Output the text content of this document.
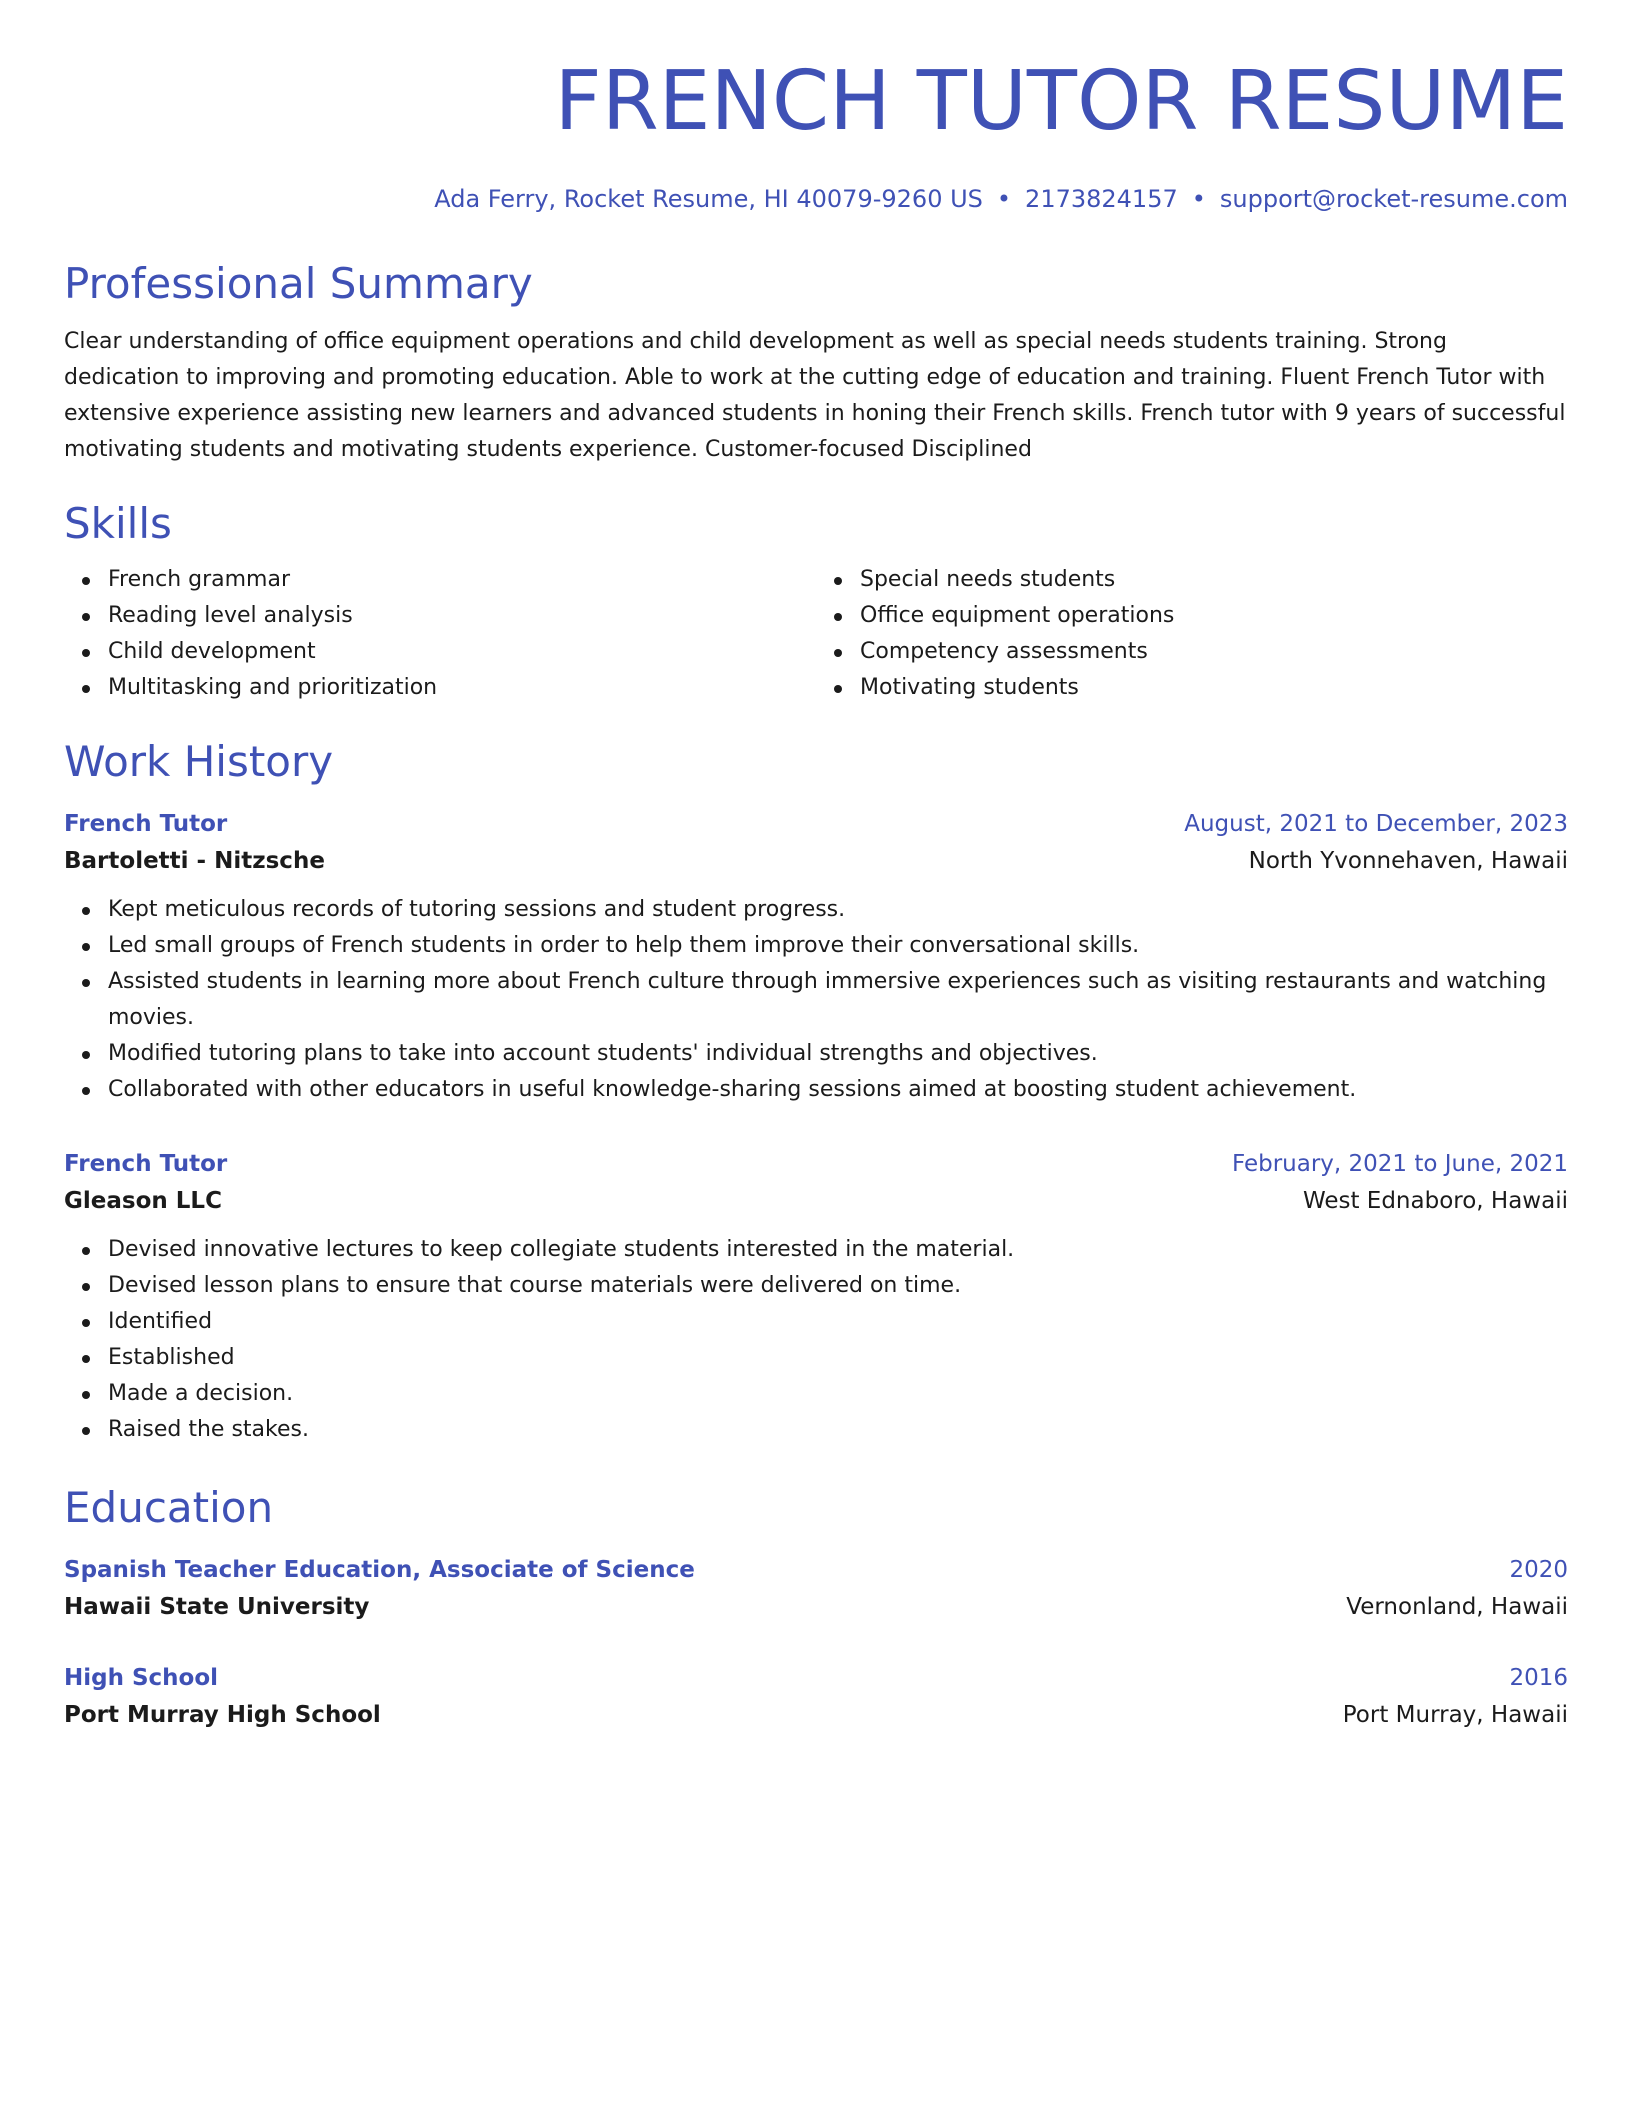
FRENCH TUTOR RESUME
Ada Ferry, Rocket Resume, HI 40079-9260 US • 2173824157 • support@rocket-resume.com
Professional Summary
Clear understanding of office equipment operations and child development as well as special needs students training. Strong dedication to improving and promoting education. Able to work at the cutting edge of education and training. Fluent French Tutor with extensive experience assisting new learners and advanced students in honing their French skills. French tutor with 9 years of successful motivating students and motivating students experience. Customer-focused Disciplined
Skills
French grammar
Reading level analysis
Child development
Multitasking and prioritization
Special needs students
Office equipment operations
Competency assessments
Motivating students
Work History
French Tutor	August, 2021 to December, 2023
Bartoletti - Nitzsche	North Yvonnehaven, Hawaii
Kept meticulous records of tutoring sessions and student progress.
Led small groups of French students in order to help them improve their conversational skills.
Assisted students in learning more about French culture through immersive experiences such as visiting restaurants and watching movies.
Modified tutoring plans to take into account students' individual strengths and objectives.
Collaborated with other educators in useful knowledge-sharing sessions aimed at boosting student achievement.
French Tutor	February, 2021 to June, 2021
Gleason LLC	West Ednaboro, Hawaii
Devised innovative lectures to keep collegiate students interested in the material.
Devised lesson plans to ensure that course materials were delivered on time.
Identified
Established
Made a decision.
Raised the stakes.
Education
Spanish Teacher Education, Associate of Science	2020
Hawaii State University	Vernonland, Hawaii
High School	2016
Port Murray High School	Port Murray, Hawaii
